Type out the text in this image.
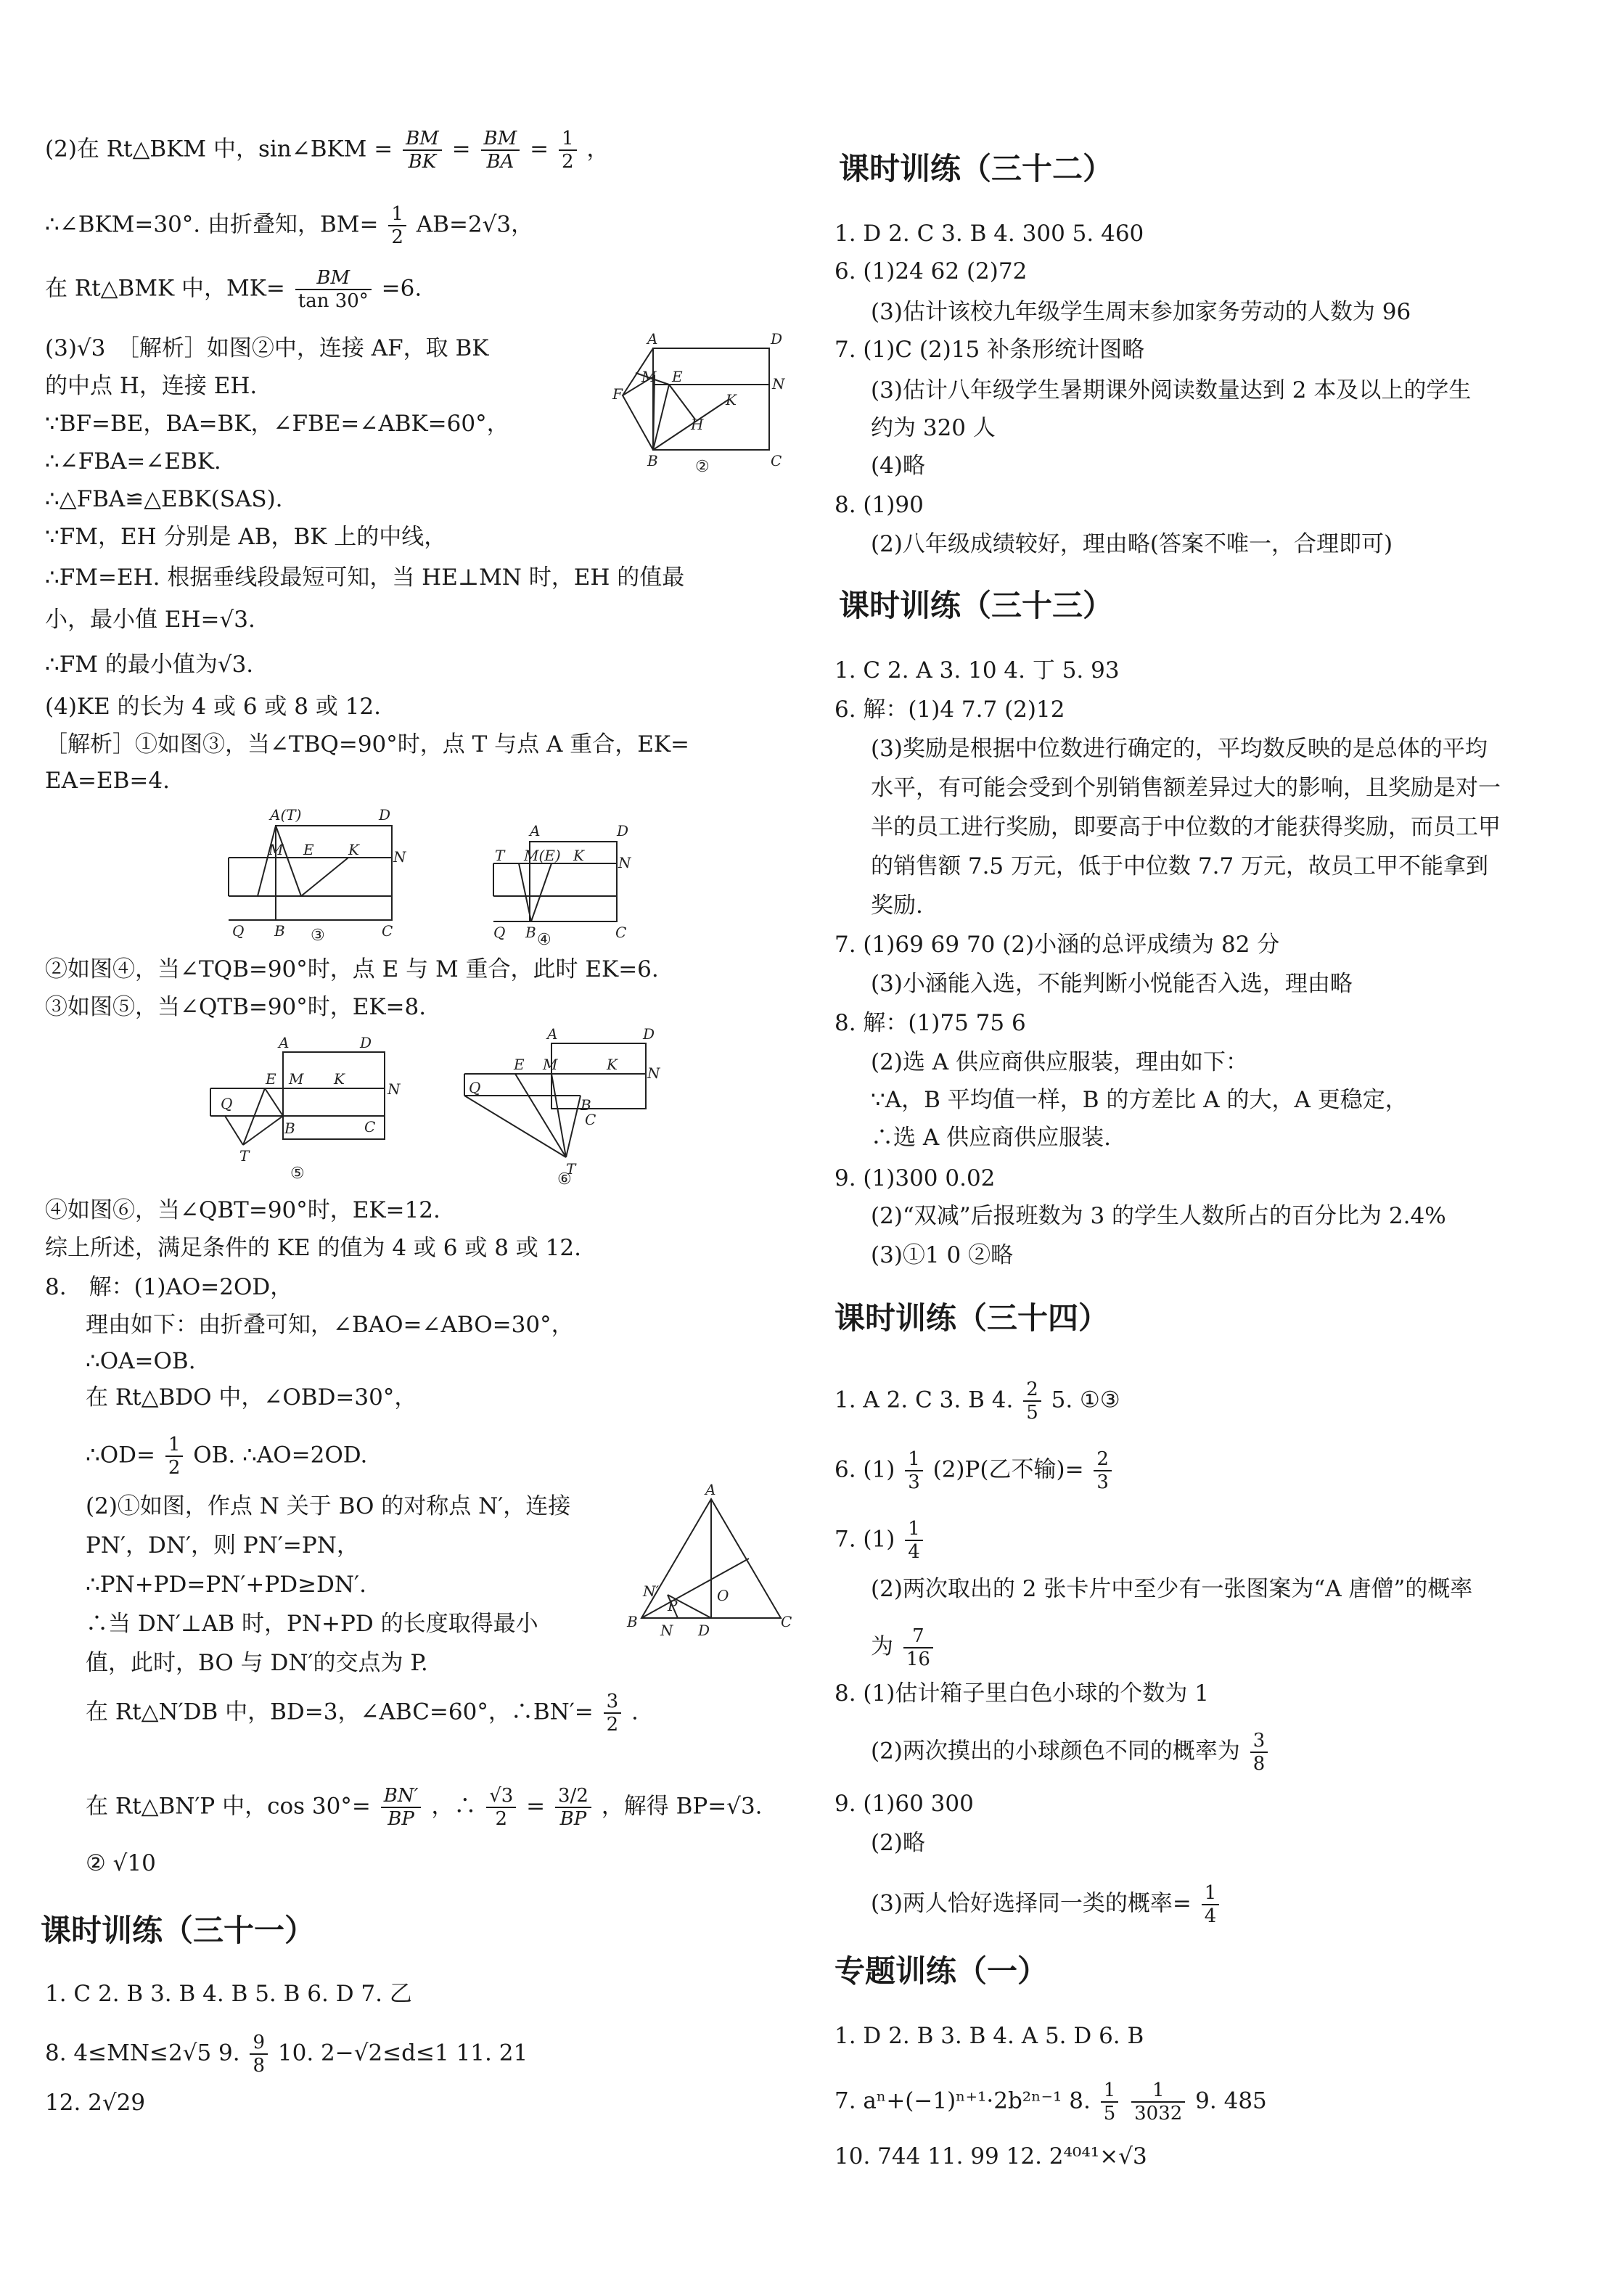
(2)在 Rt△BKM 中，sin∠BKM = $\frac{BM}{BK} = \frac{BM}{BA} = \frac{1}{2}$ ，
∴∠BKM=30°. 由折叠知，$BM= \frac{1}{2} AB=2√3$，
在 Rt△BMK 中，$MK= \frac{BM}{\tan 30^\circ} =6$.
(3)√3　［解析］如图②中，连接 AF，取 BK
的中点 H，连接 EH.
∵BF=BE，BA=BK，∠FBE=∠ABK=60°，
∴∠FBA=∠EBK.
∴△FBA≌△EBK(SAS).
∵FM，EH 分别是 AB，BK 上的中线，
∴FM=EH. 根据垂线段最短可知，当 HE⊥MN 时，EH 的值最
小，最小值 EH=√3.
∴FM 的最小值为√3.
(4)KE 的长为 4 或 6 或 8 或 12.
［解析］①如图③，当∠TBQ=90°时，点 T 与点 A 重合，EK=
EA=EB=4.
A	D
F
M E
K
N
H
B	C
②
A(T)	D
M E K N
Q B	C
③
A	D
T M(E) K N
Q B	C
④
②如图④，当∠TQB=90°时，点 E 与 M 重合，此时 EK=6.
③如图⑤，当∠QTB=90°时，EK=8.
A	D
E M K
N
Q
B
T
C
⑤
A	D
E M	K N
Q
B
T
C
⑥
④如图⑥，当∠QBT=90°时，EK=12.
综上所述，满足条件的 KE 的值为 4 或 6 或 8 或 12.
8.　解：(1)AO=2OD，
理由如下：由折叠可知，∠BAO=∠ABO=30°，
∴OA=OB.
在 Rt△BDO 中，∠OBD=30°，
∴OD= $\frac{1}{2}$ OB. ∴AO=2OD.
(2)①如图，作点 N 关于 BO 的对称点 N′，连接
PN′，DN′，则 PN′=PN，
∴PN+PD=PN′+PD≥DN′.
∴当 DN′⊥AB 时，PN+PD 的长度取得最小
值，此时，BO 与 DN′的交点为 P.
A
B	C
N′
P
O
N D
在 Rt△N′DB 中，BD=3，∠ABC=60°，∴BN′= $\frac{3}{2}$ .
在 Rt△BN′P 中，$\cos 30^\circ= \frac{BN'}{BP}$ ，∴ $\frac{√3}{2} = \frac{3/2}{BP}$ ，解得 BP=√3.
② √10
课时训练（三十一）
1. C 2. B 3. B 4. B 5. B 6. D 7. 乙
8. 4≤MN≤2√5 9. $\frac{9}{8} 10$. 2−√2≤d≤1 11. 21
12. 2√29
课时训练（三十二）
1. D 2. C 3. B 4. 300 5. 460
6. (1)24 62 (2)72
(3)估计该校九年级学生周末参加家务劳动的人数为 96
7. (1)C (2)15 补条形统计图略
(3)估计八年级学生暑期课外阅读数量达到 2 本及以上的学生
约为 320 人
(4)略
8. (1)90
(2)八年级成绩较好，理由略(答案不唯一，合理即可)
课时训练（三十三）
1. C 2. A 3. 10 4. 丁 5. 93
6. 解：(1)4 7.7 (2)12
(3)奖励是根据中位数进行确定的，平均数反映的是总体的平均
水平，有可能会受到个别销售额差异过大的影响，且奖励是对一
半的员工进行奖励，即要高于中位数的才能获得奖励，而员工甲
的销售额 7.5 万元，低于中位数 7.7 万元，故员工甲不能拿到
奖励.
7. (1)69 69 70 (2)小涵的总评成绩为 82 分
(3)小涵能入选，不能判断小悦能否入选，理由略
8. 解：(1)75 75 6
(2)选 A 供应商供应服装，理由如下：
∵A，B 平均值一样，B 的方差比 A 的大，A 更稳定，
∴选 A 供应商供应服装.
9. (1)300 0.02
(2)“双减”后报班数为 3 的学生人数所占的百分比为 2.4%
(3)①1 0 ②略
课时训练（三十四）
1. A 2. C 3. B 4. $\frac{2}{5} 5$. ①③
6. $(1) \frac{1}{3} (2)P$(乙不输)= $\frac{2}{3}$
7. $(1) \frac{1}{4}$
(2)两次取出的 2 张卡片中至少有一张图案为“A 唐僧”的概率
为 $\frac{7}{16}$
8. (1)估计箱子里白色小球的个数为 1
(2)两次摸出的小球颜色不同的概率为 $\frac{3}{8}$
9. (1)60 300
(2)略
(3)两人恰好选择同一类的概率= $\frac{1}{4}$
专题训练（一）
1. D 2. B 3. B 4. A 5. D 6. B
7. aⁿ+(−1)ⁿ⁺¹·2b²ⁿ⁻¹ 8. $\frac{1}{5}$
$\frac{1}{3032} 9$. 485
10. 744 11. 99 12. 2⁴⁰⁴¹×√3
